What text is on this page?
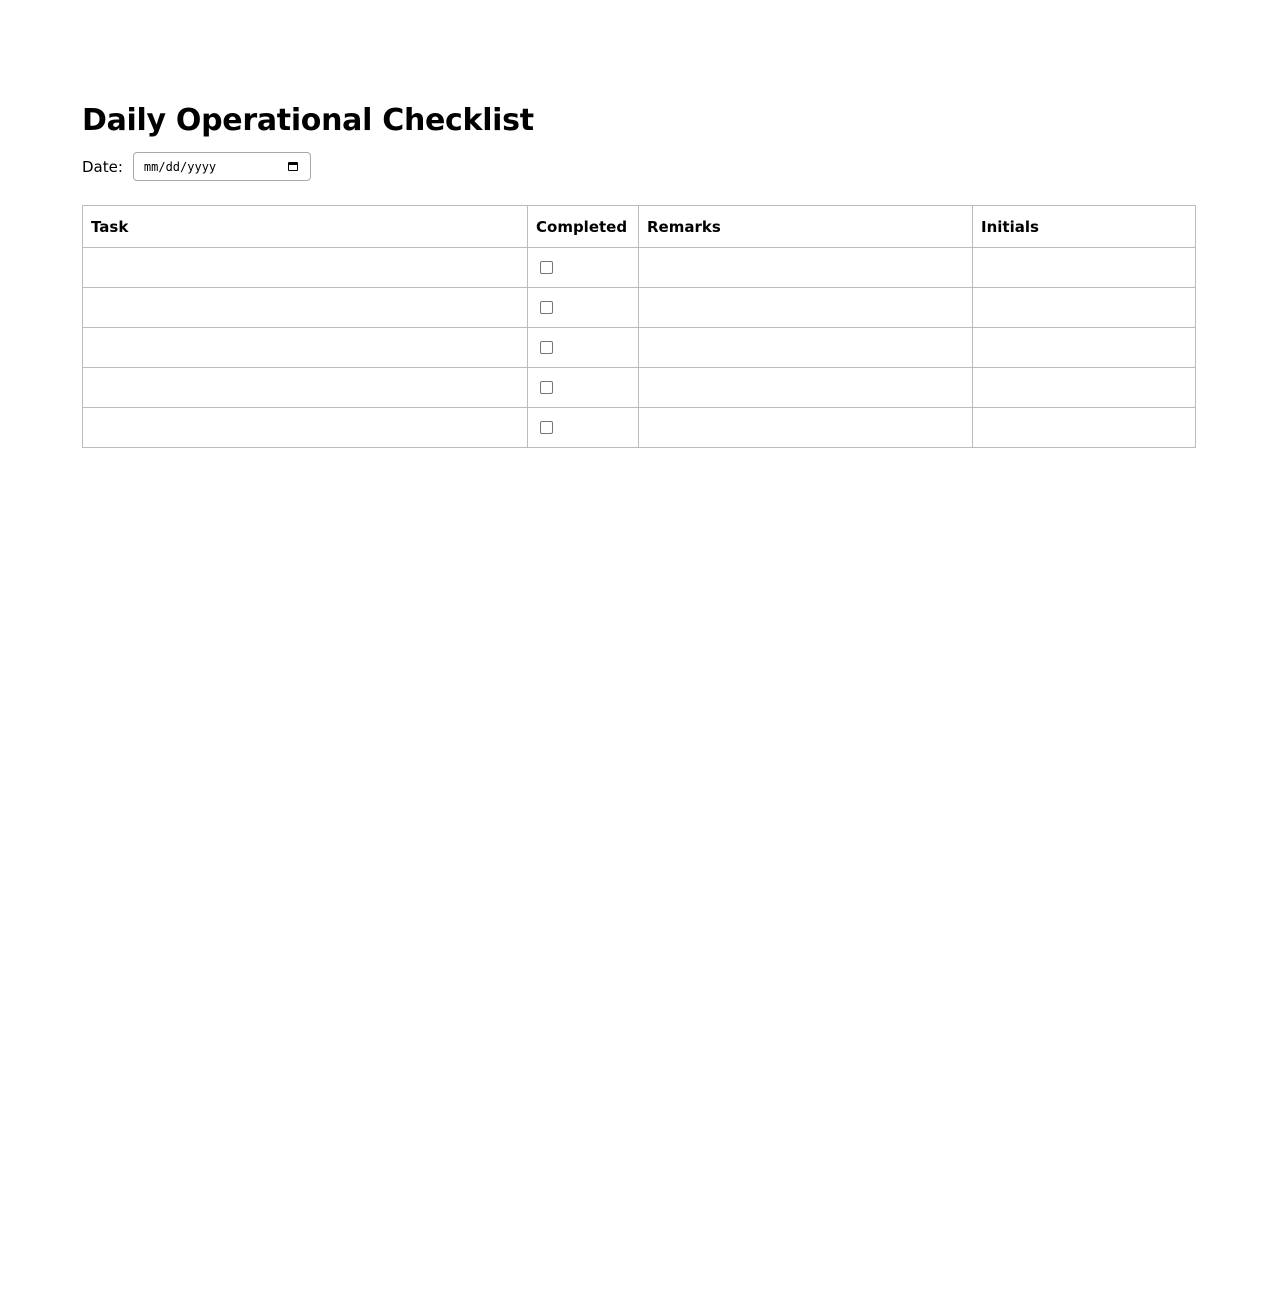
Daily Operational Checklist
Date: mm/dd/yyyy
Task	Completed	Remarks	Initials
